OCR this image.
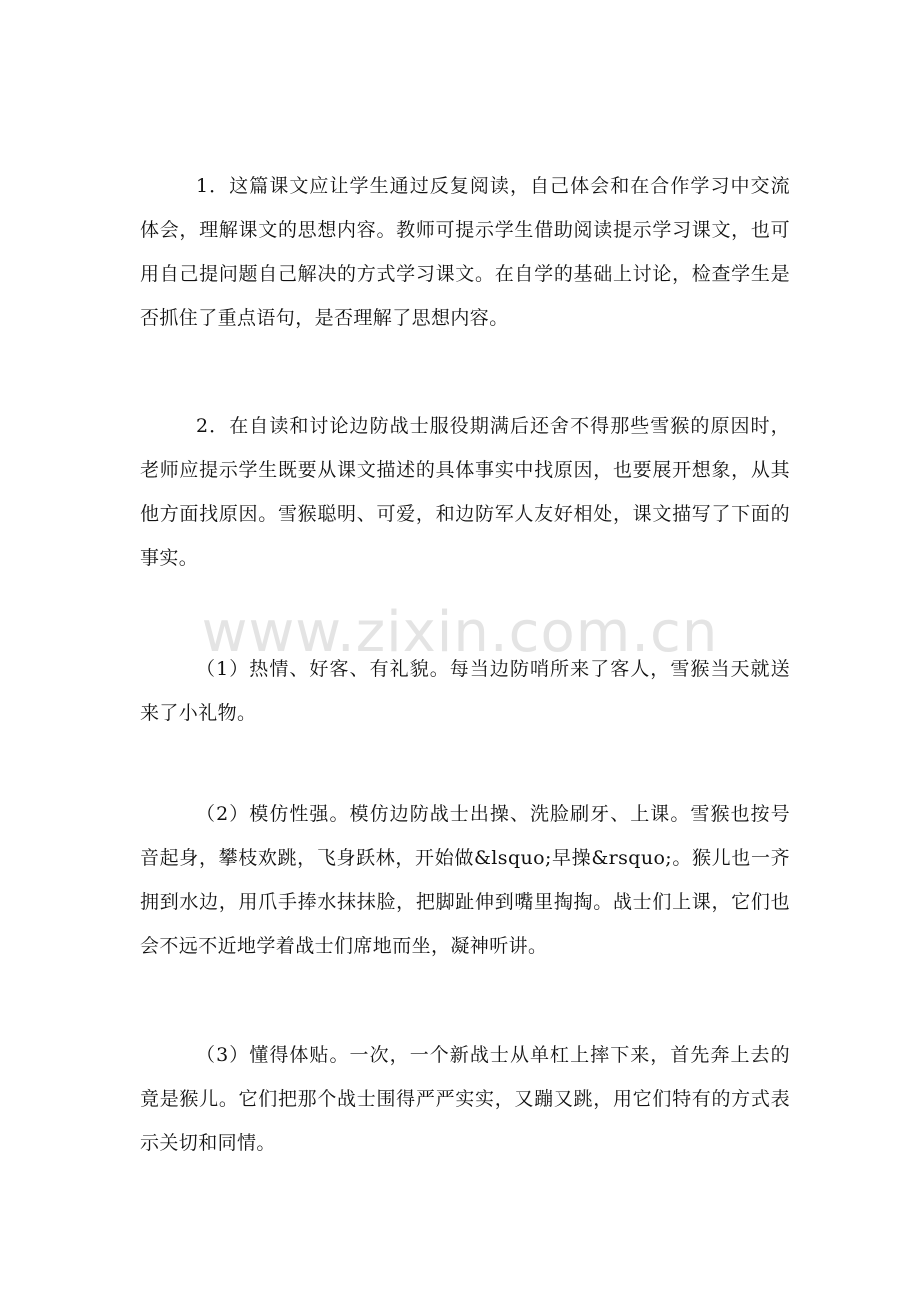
www.zixin.com.cn

1．这篇课文应让学生通过反复阅读，自己体会和在合作学习中交流体会，理解课文的思想内容。教师可提示学生借助阅读提示学习课文，也可用自己提问题自己解决的方式学习课文。在自学的基础上讨论，检查学生是否抓住了重点语句，是否理解了思想内容。

2．在自读和讨论边防战士服役期满后还舍不得那些雪猴的原因时，老师应提示学生既要从课文描述的具体事实中找原因，也要展开想象，从其他方面找原因。雪猴聪明、可爱，和边防军人友好相处，课文描写了下面的事实。

（1）热情、好客、有礼貌。每当边防哨所来了客人，雪猴当天就送来了小礼物。

（2）模仿性强。模仿边防战士出操、洗脸刷牙、上课。雪猴也按号音起身，攀枝欢跳，飞身跃林，开始做&lsquo;早操&rsquo;。猴儿也一齐拥到水边，用爪手捧水抹抹脸，把脚趾伸到嘴里掏掏。战士们上课，它们也会不远不近地学着战士们席地而坐，凝神听讲。

（3）懂得体贴。一次，一个新战士从单杠上摔下来，首先奔上去的竟是猴儿。它们把那个战士围得严严实实，又蹦又跳，用它们特有的方式表示关切和同情。
